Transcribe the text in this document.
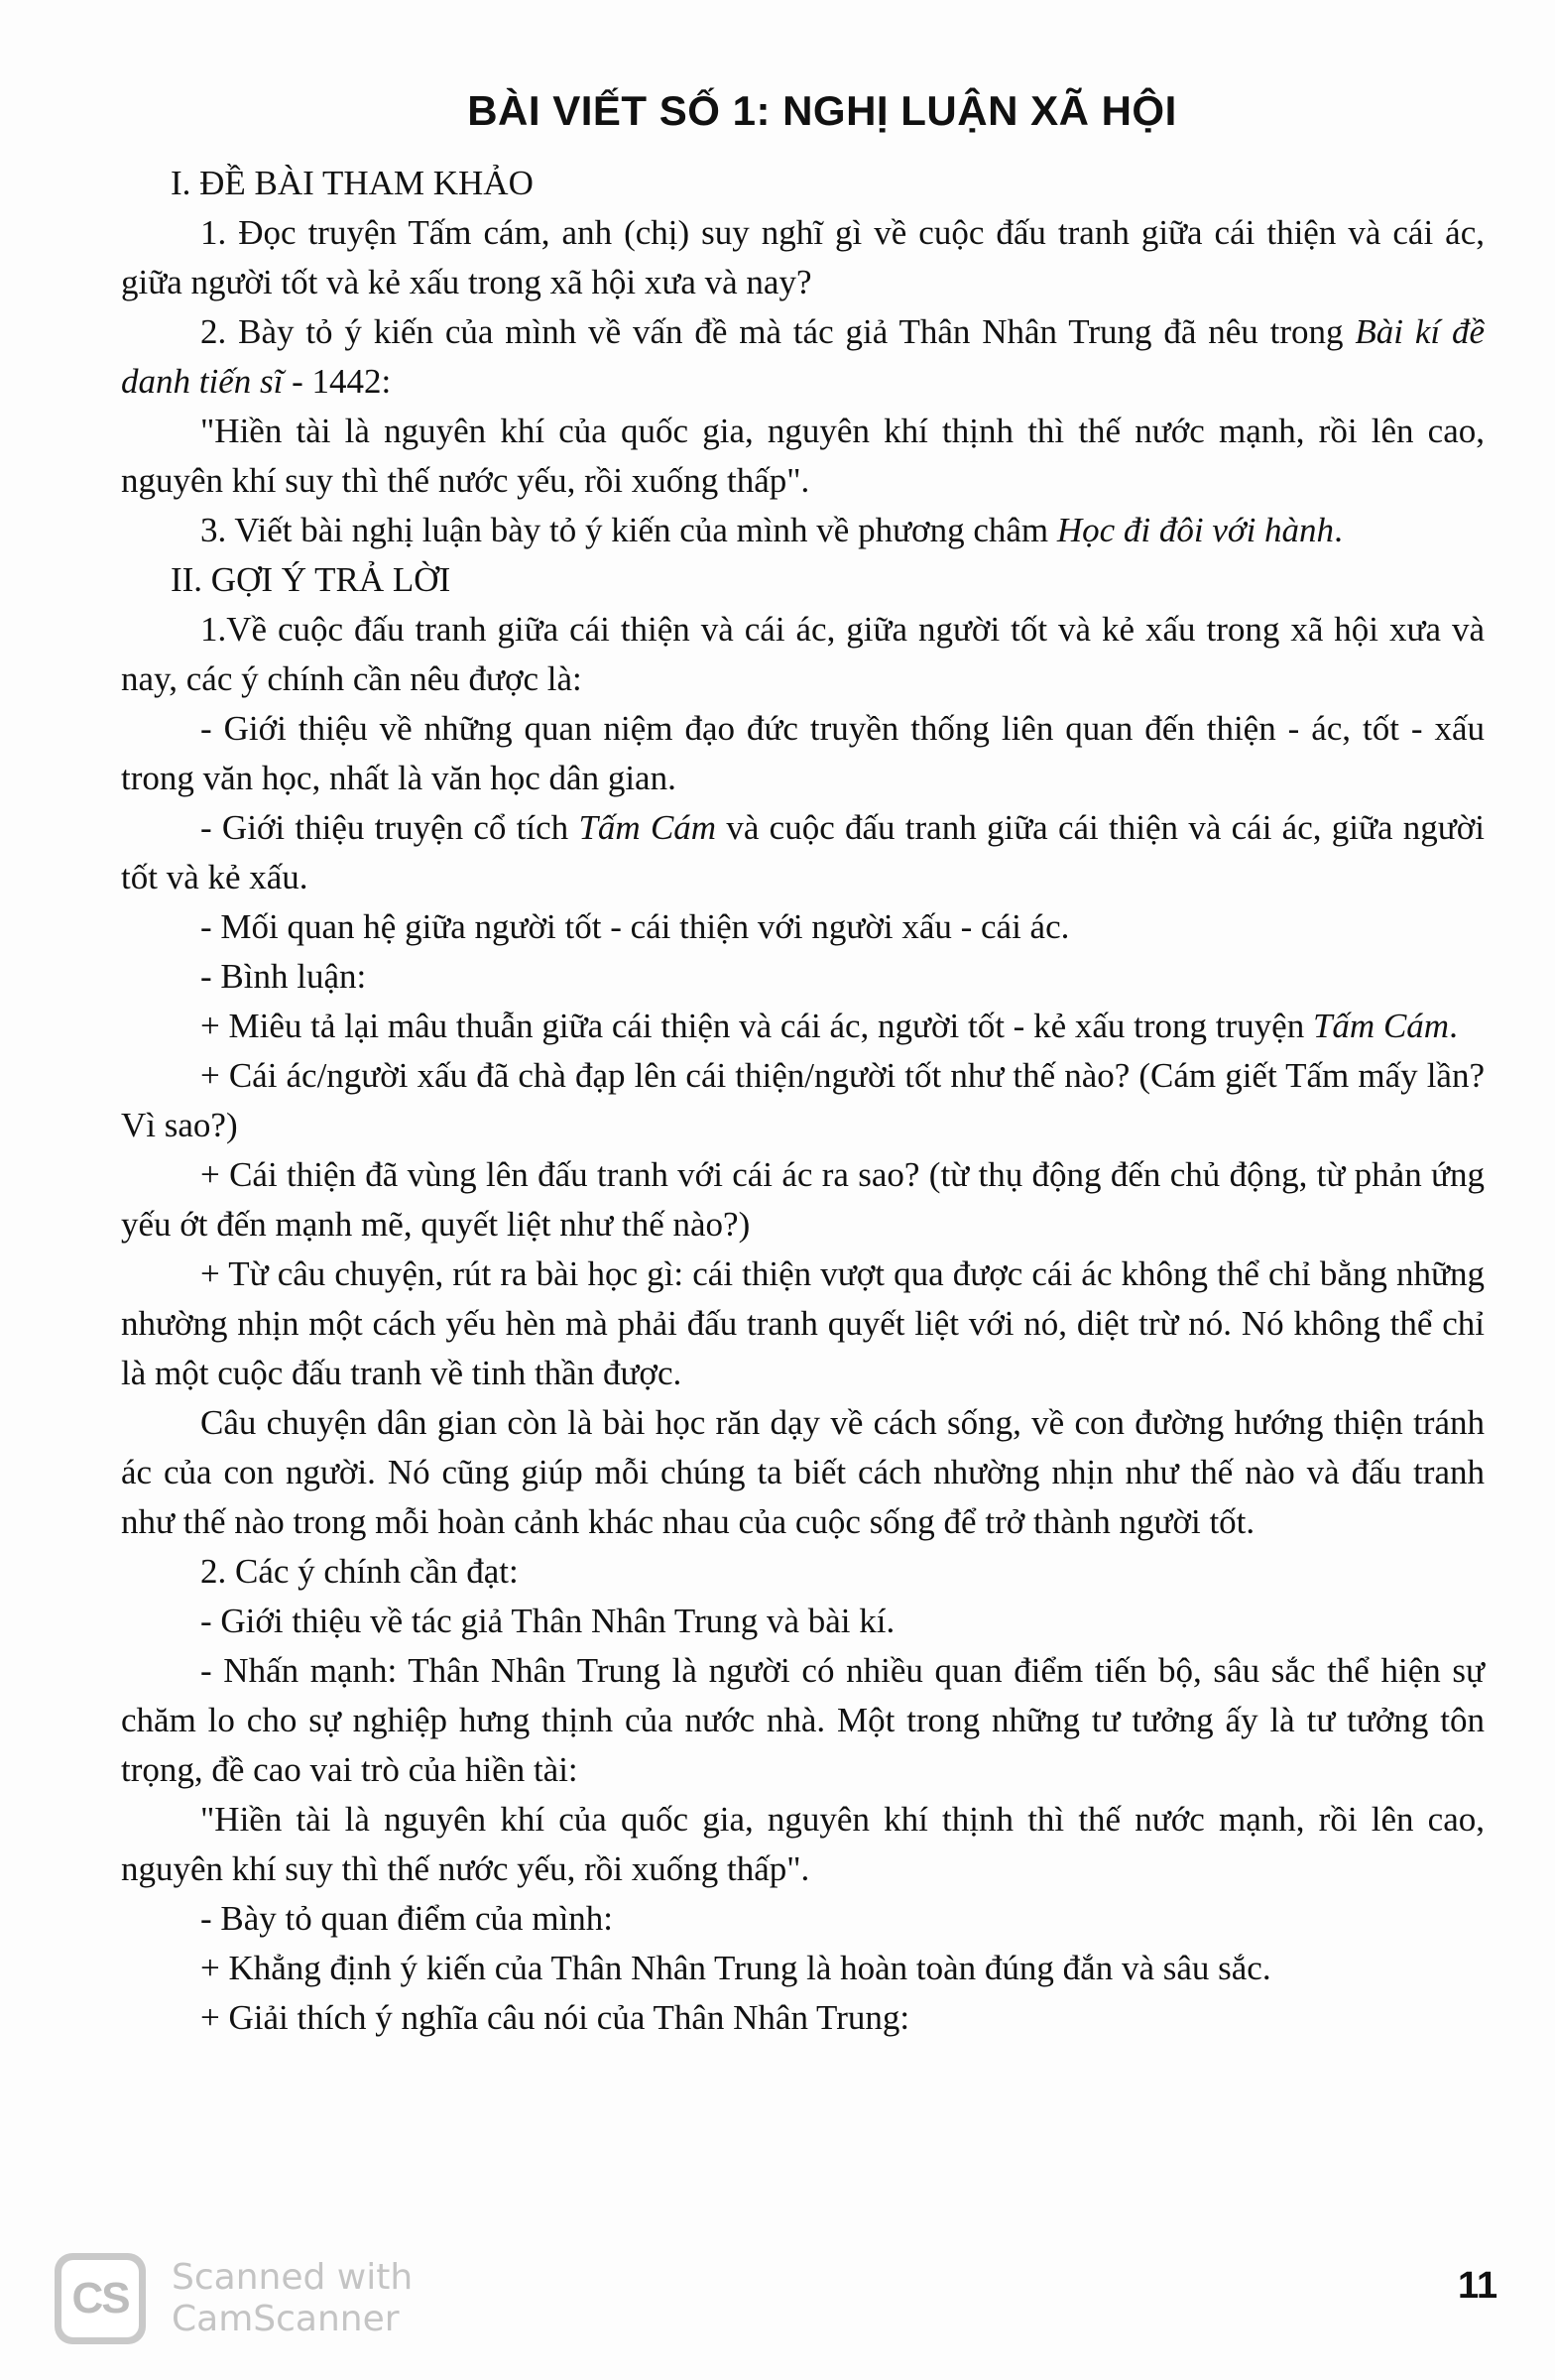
BÀI VIẾT SỐ 1: NGHỊ LUẬN XÃ HỘI

I. ĐỀ BÀI THAM KHẢO

1. Đọc truyện Tấm cám, anh (chị) suy nghĩ gì về cuộc đấu tranh giữa cái thiện và cái ác, giữa người tốt và kẻ xấu trong xã hội xưa và nay?

2. Bày tỏ ý kiến của mình về vấn đề mà tác giả Thân Nhân Trung đã nêu trong Bài kí đề danh tiến sĩ - 1442:

"Hiền tài là nguyên khí của quốc gia, nguyên khí thịnh thì thế nước mạnh, rồi lên cao, nguyên khí suy thì thế nước yếu, rồi xuống thấp".

3. Viết bài nghị luận bày tỏ ý kiến của mình về phương châm Học đi đôi với hành.

II. GỢI Ý TRẢ LỜI

1.Về cuộc đấu tranh giữa cái thiện và cái ác, giữa người tốt và kẻ xấu trong xã hội xưa và nay, các ý chính cần nêu được là:

- Giới thiệu về những quan niệm đạo đức truyền thống liên quan đến thiện - ác, tốt - xấu trong văn học, nhất là văn học dân gian.

- Giới thiệu truyện cổ tích Tấm Cám và cuộc đấu tranh giữa cái thiện và cái ác, giữa người tốt và kẻ xấu.

- Mối quan hệ giữa người tốt - cái thiện với người xấu - cái ác.

- Bình luận:

+ Miêu tả lại mâu thuẫn giữa cái thiện và cái ác, người tốt - kẻ xấu trong truyện Tấm Cám.

+ Cái ác/người xấu đã chà đạp lên cái thiện/người tốt như thế nào? (Cám giết Tấm mấy lần? Vì sao?)

+ Cái thiện đã vùng lên đấu tranh với cái ác ra sao? (từ thụ động đến chủ động, từ phản ứng yếu ớt đến mạnh mẽ, quyết liệt như thế nào?)

+ Từ câu chuyện, rút ra bài học gì: cái thiện vượt qua được cái ác không thể chỉ bằng những nhường nhịn một cách yếu hèn mà phải đấu tranh quyết liệt với nó, diệt trừ nó. Nó không thể chỉ là một cuộc đấu tranh về tinh thần được.

Câu chuyện dân gian còn là bài học răn dạy về cách sống, về con đường hướng thiện tránh ác của con người. Nó cũng giúp mỗi chúng ta biết cách nhường nhịn như thế nào và đấu tranh như thế nào trong mỗi hoàn cảnh khác nhau của cuộc sống để trở thành người tốt.

2. Các ý chính cần đạt:

- Giới thiệu về tác giả Thân Nhân Trung và bài kí.

- Nhấn mạnh: Thân Nhân Trung là người có nhiều quan điểm tiến bộ, sâu sắc thể hiện sự chăm lo cho sự nghiệp hưng thịnh của nước nhà. Một trong những tư tưởng ấy là tư tưởng tôn trọng, đề cao vai trò của hiền tài:

"Hiền tài là nguyên khí của quốc gia, nguyên khí thịnh thì thế nước mạnh, rồi lên cao, nguyên khí suy thì thế nước yếu, rồi xuống thấp".

- Bày tỏ quan điểm của mình:

+ Khẳng định ý kiến của Thân Nhân Trung là hoàn toàn đúng đắn và sâu sắc.

+ Giải thích ý nghĩa câu nói của Thân Nhân Trung:

CS Scanned with
CamScanner
11
